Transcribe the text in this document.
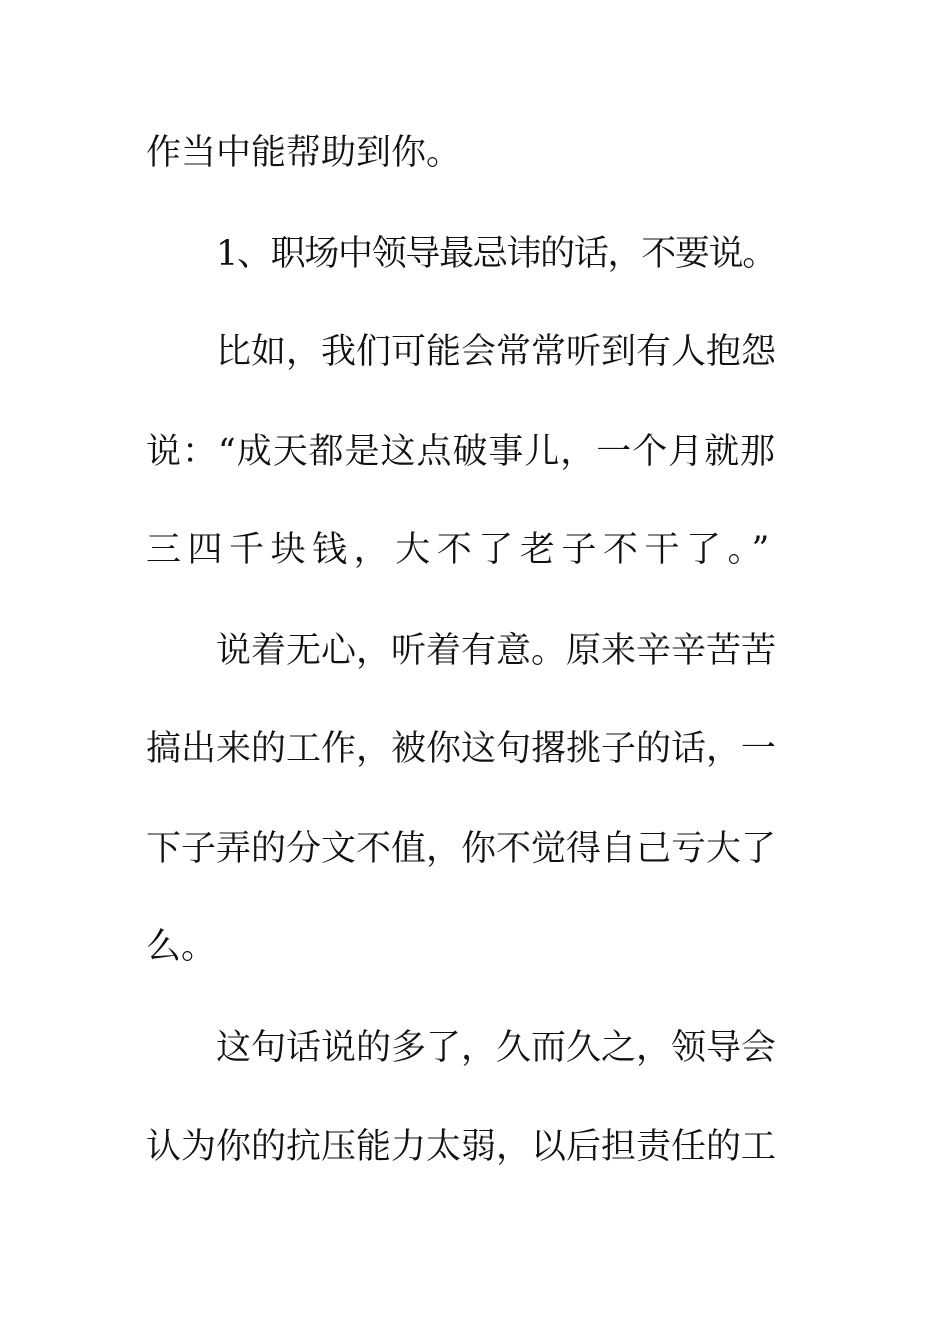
作当中能帮助到你。

1、职场中领导最忌讳的话，不要说。

比如，我们可能会常常听到有人抱怨

说：“成天都是这点破事儿，一个月就那

三四千块钱，大不了老子不干了。”

说着无心，听着有意。原来辛辛苦苦

搞出来的工作，被你这句撂挑子的话，一

下子弄的分文不值，你不觉得自己亏大了

么。

这句话说的多了，久而久之，领导会

认为你的抗压能力太弱，以后担责任的工
